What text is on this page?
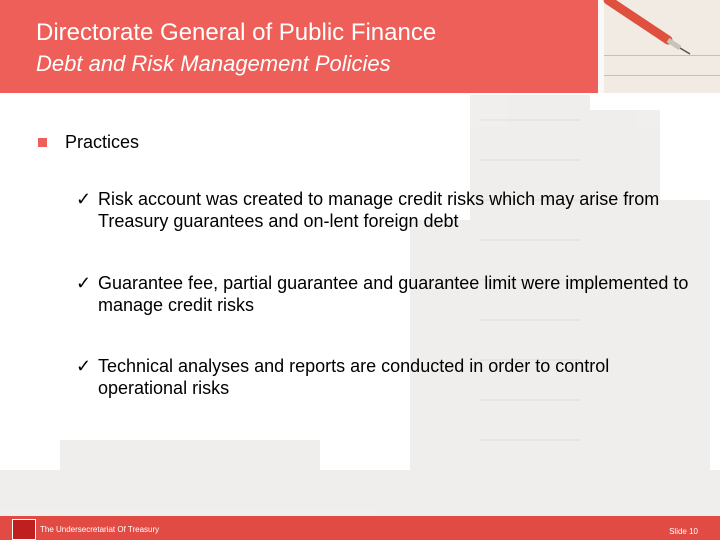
Directorate General of Public Finance
Debt and Risk Management Policies
Practices
✓ Risk account was created to manage credit risks which may arise from Treasury guarantees and on-lent foreign debt
✓ Guarantee fee, partial guarantee and guarantee limit were implemented to manage credit risks
✓ Technical analyses and reports are conducted in order to control operational risks
The Undersecretariat Of Treasury	Slide 10
